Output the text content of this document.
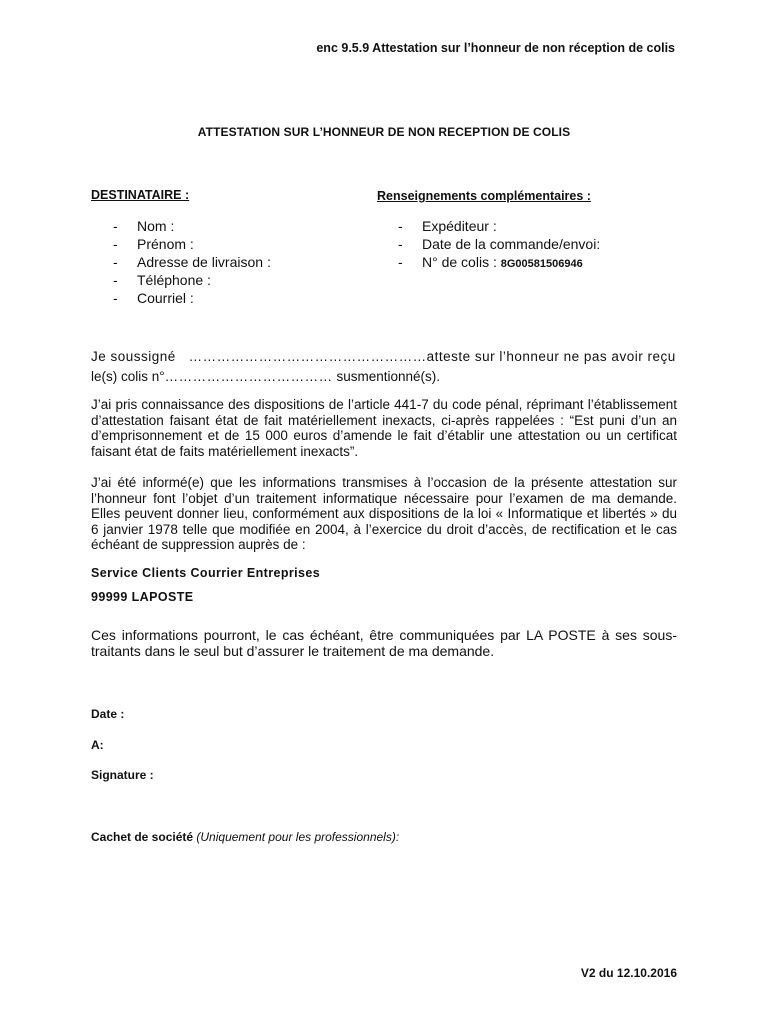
enc 9.5.9 Attestation sur l’honneur de non réception de colis
ATTESTATION SUR L’HONNEUR DE NON RECEPTION DE COLIS
DESTINATAIRE :
- Nom :
- Prénom :
- Adresse de livraison :
- Téléphone :
- Courriel :
Renseignements complémentaires :
- Expéditeur :
- Date de la commande/envoi:
- N° de colis : 8G00581506946
Je soussigné ……………………………………………atteste sur l’honneur ne pas avoir reçu
le(s) colis n°……………………………… susmentionné(s).
J’ai pris connaissance des dispositions de l’article 441-7 du code pénal, réprimant l’établissement d’attestation faisant état de fait matériellement inexacts, ci-après rappelées : “Est puni d’un an d’emprisonnement et de 15 000 euros d’amende le fait d’établir une attestation ou un certificat faisant état de faits matériellement inexacts”.
J’ai été informé(e) que les informations transmises à l’occasion de la présente attestation sur l’honneur font l’objet d’un traitement informatique nécessaire pour l’examen de ma demande. Elles peuvent donner lieu, conformément aux dispositions de la loi « Informatique et libertés » du 6 janvier 1978 telle que modifiée en 2004, à l’exercice du droit d’accès, de rectification et le cas échéant de suppression auprès de :
Service Clients Courrier Entreprises
99999 LAPOSTE
Ces informations pourront, le cas échéant, être communiquées par LA POSTE à ses sous-traitants dans le seul but d’assurer le traitement de ma demande.
Date :
A:
Signature :
Cachet de société (Uniquement pour les professionnels):
V2 du 12.10.2016
